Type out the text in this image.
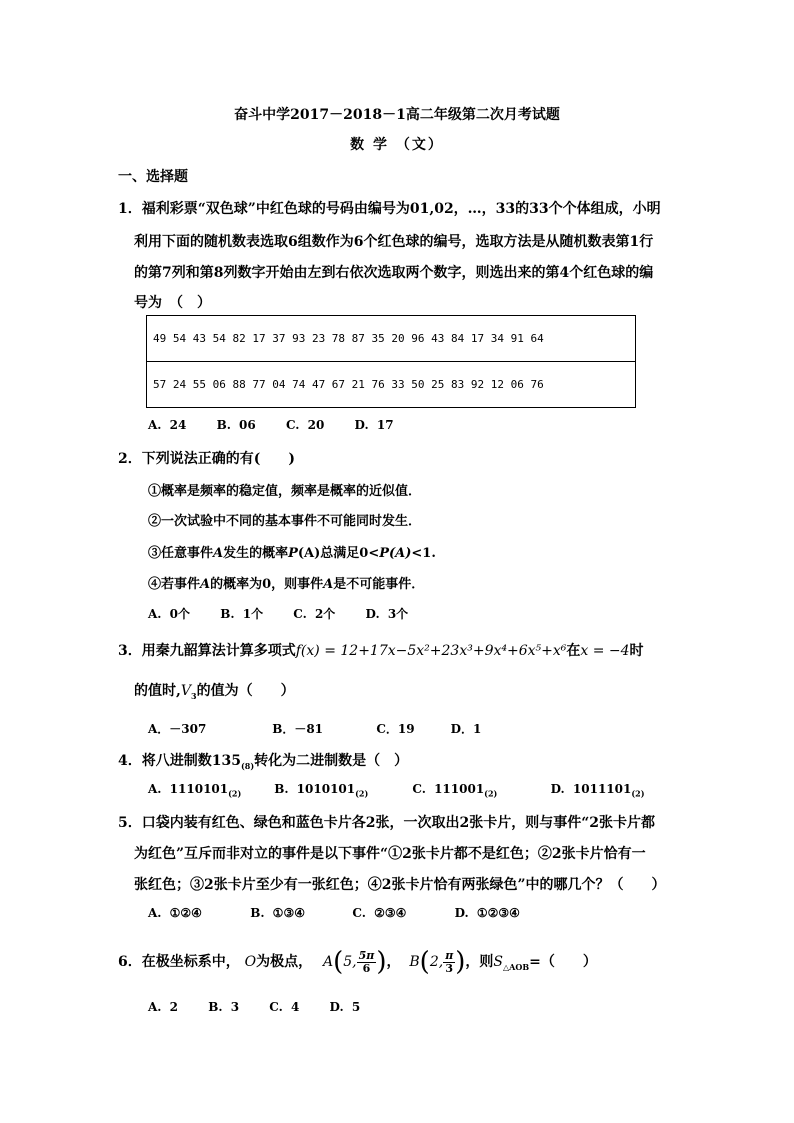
奋斗中学2017－2018－1高二年级第二次月考试题
数 学 （文）
一、选择题
1．福利彩票“双色球”中红色球的号码由编号为01,02，…，33的33个个体组成，小明
利用下面的随机数表选取6组数作为6个红色球的编号，选取方法是从随机数表第1行
的第7列和第8列数字开始由左到右依次选取两个数字，则选出来的第4个红色球的编
号为　（　）
49 54 43 54 82 17 37 93 23 78 87 35 20 96 43 84 17 34 91 64
57 24 55 06 88 77 04 74 47 67 21 76 33 50 25 83 92 12 06 76
A. 24	B. 06	C. 20	D. 17
2．下列说法正确的有(　　)
①概率是频率的稳定值，频率是概率的近似值．
②一次试验中不同的基本事件不可能同时发生．
③任意事件A发生的概率P(A)总满足0<P(A)<1.
④若事件A的概率为0，则事件A是不可能事件．
A. 0个	B. 1个	C. 2个	D. 3个
3．用秦九韶算法计算多项式f(x) = 12+17x−5x²+23x³+9x⁴+6x⁵+x⁶在x = −4时
的值时$,V_3$的值为（　　）
A．－307	B．－81	C．19	D．1
4．将八进制数$135_{(8)}$转化为二进制数是（　）
A. $1110101_{(2)}$	B. $1010101_{(2)}$	C. $111001_{(2)}$	D. $1011101_{(2)}$
5．口袋内装有红色、绿色和蓝色卡片各2张，一次取出2张卡片，则与事件“2张卡片都
为红色”互斥而非对立的事件是以下事件“①2张卡片都不是红色；②2张卡片恰有一
张红色；③2张卡片至少有一张红色；④2张卡片恰有两张绿色”中的哪几个？（　　）
A. ①②④	B. ①③④	C. ②③④	D. ①②③④
6．在极坐标系中， O为极点， A(5, $\frac{5\pi}{6}$ )， B(2, $\frac{\pi}{3}$ )，则$S_{\triangle AOB}=$（　　）
A. 2	B. 3	C. 4	D. 5
